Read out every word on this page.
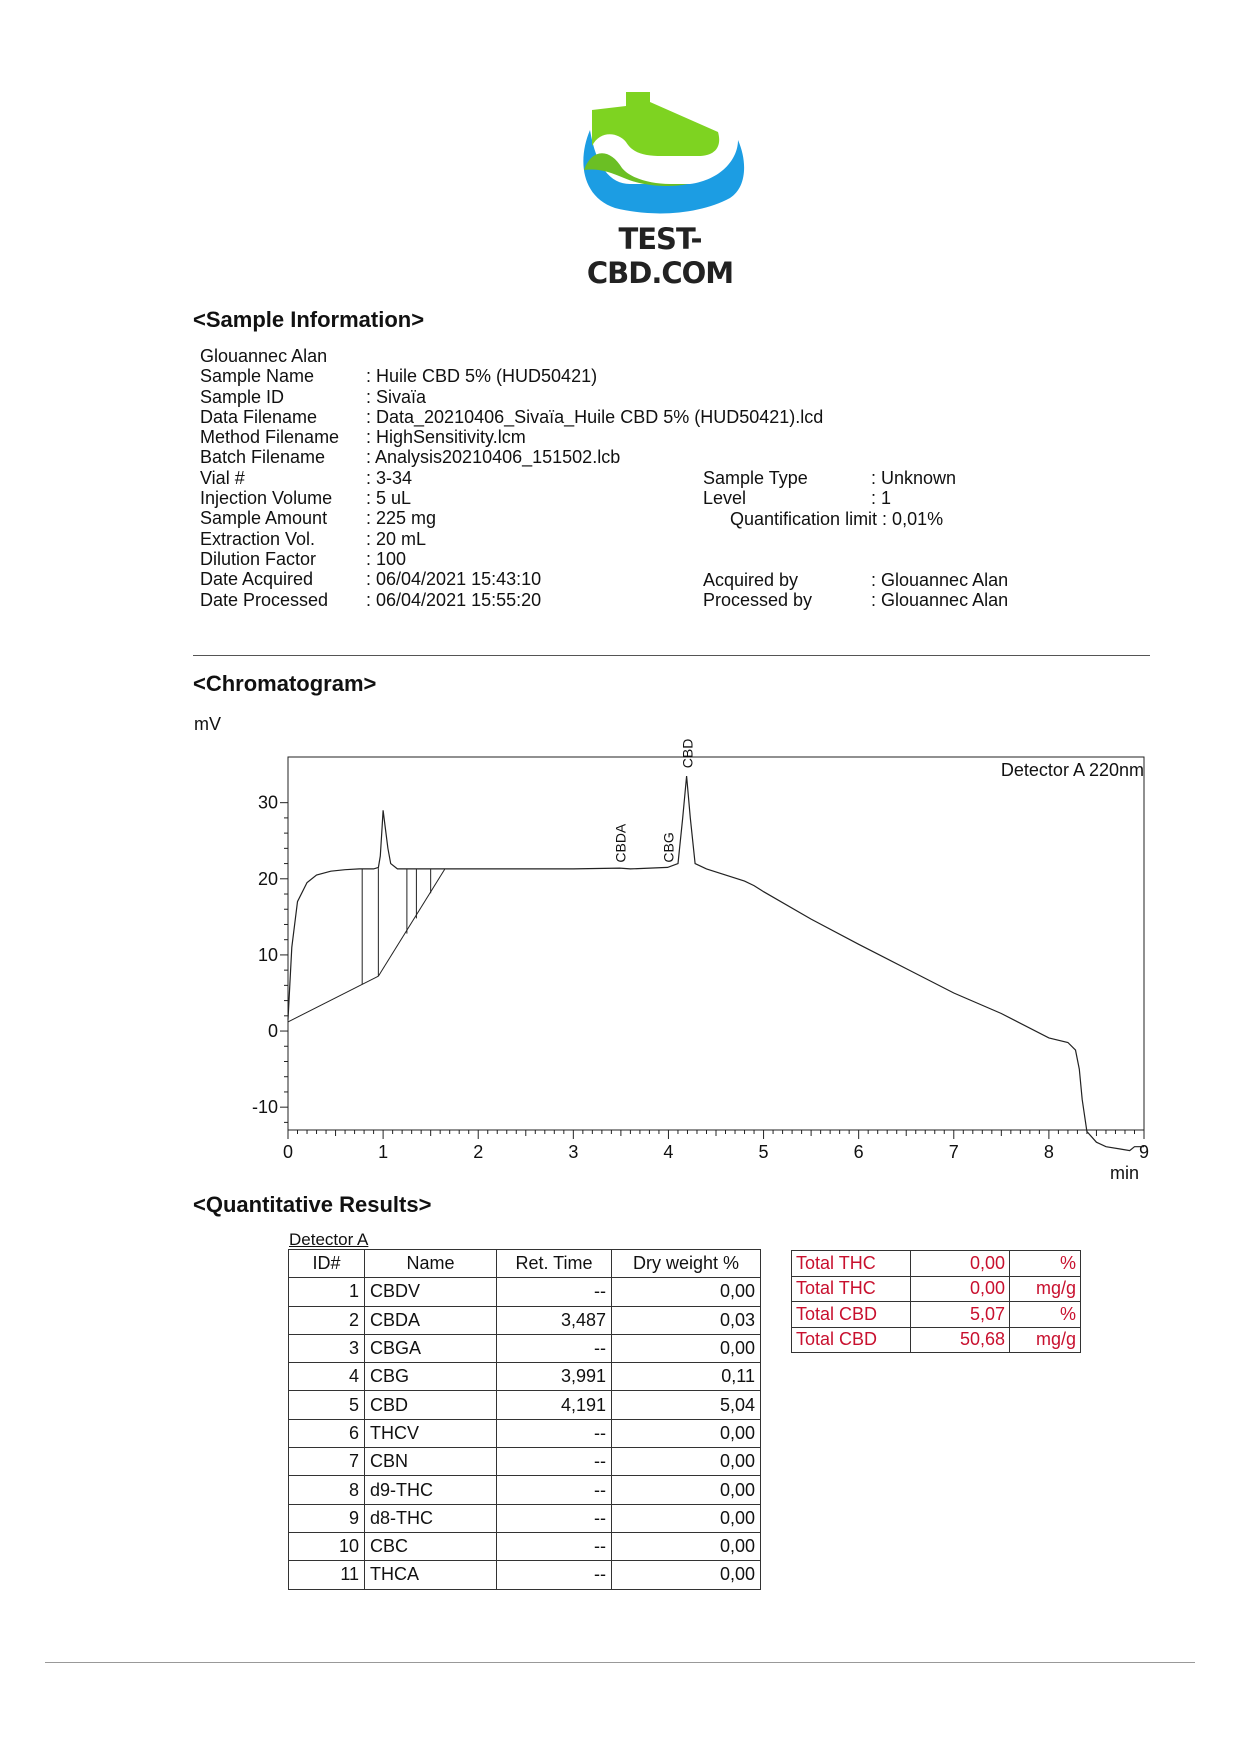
TEST-CBD.COM
<Sample Information>
Glouannec Alan
Sample Name	: Huile CBD 5% (HUD50421)
Sample ID	: Sivaïa
Data Filename	: Data_20210406_Sivaïa_Huile CBD 5% (HUD50421).lcd
Method Filename	: HighSensitivity.lcm
Batch Filename	: Analysis20210406_151502.lcb
Vial #	: 3-34
Injection Volume	: 5 uL
Sample Amount	: 225 mg
Extraction Vol.	: 20 mL
Dilution Factor	: 100
Date Acquired	: 06/04/2021 15:43:10
Date Processed	: 06/04/2021 15:55:20
Sample Type	: Unknown
Level	: 1
Quantification limit : 0,01%
Acquired by	: Glouannec Alan
Processed by	: Glouannec Alan
<Chromatogram>
mV
min
Detector A 220nm
30
20
10
0
-10
0	1	2	3	4	5	6	7	8	9
CBDA CBG
CBD
<Quantitative Results>
Detector A
ID#	Name	Ret. Time	Dry weight %
1	CBDV	--	0,00
2	CBDA	3,487	0,03
3	CBGA	--	0,00
4	CBG	3,991	0,11
5	CBD	4,191	5,04
6	THCV	--	0,00
7	CBN	--	0,00
8	d9-THC	--	0,00
9	d8-THC	--	0,00
10	CBC	--	0,00
11	THCA	--	0,00
Total THC	0,00	%
Total THC	0,00	mg/g
Total CBD	5,07	%
Total CBD	50,68	mg/g
